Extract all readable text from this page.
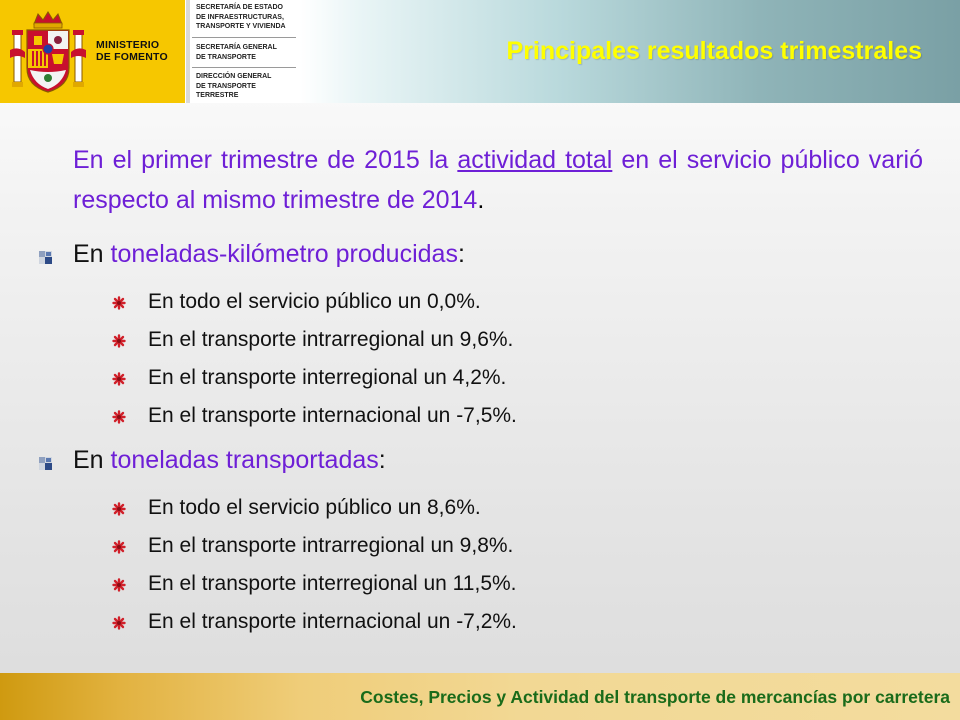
MINISTERIO
DE FOMENTO
SECRETARÍA DE ESTADO
DE INFRAESTRUCTURAS,
TRANSPORTE Y VIVIENDA
SECRETARÍA GENERAL
DE TRANSPORTE
DIRECCIÓN GENERAL
DE TRANSPORTE
TERRESTRE
Principales resultados trimestrales
En el primer trimestre de 2015 la actividad total en el servicio público varió respecto al mismo trimestre de 2014.
En toneladas-kilómetro producidas:
En todo el servicio público un 0,0%.
En el transporte intrarregional un 9,6%.
En el transporte interregional un 4,2%.
En el transporte internacional un -7,5%.
En toneladas transportadas:
En todo el servicio público un 8,6%.
En el transporte intrarregional un 9,8%.
En el transporte interregional un 11,5%.
En el transporte internacional un -7,2%.
Costes, Precios y Actividad del transporte de mercancías por carretera
